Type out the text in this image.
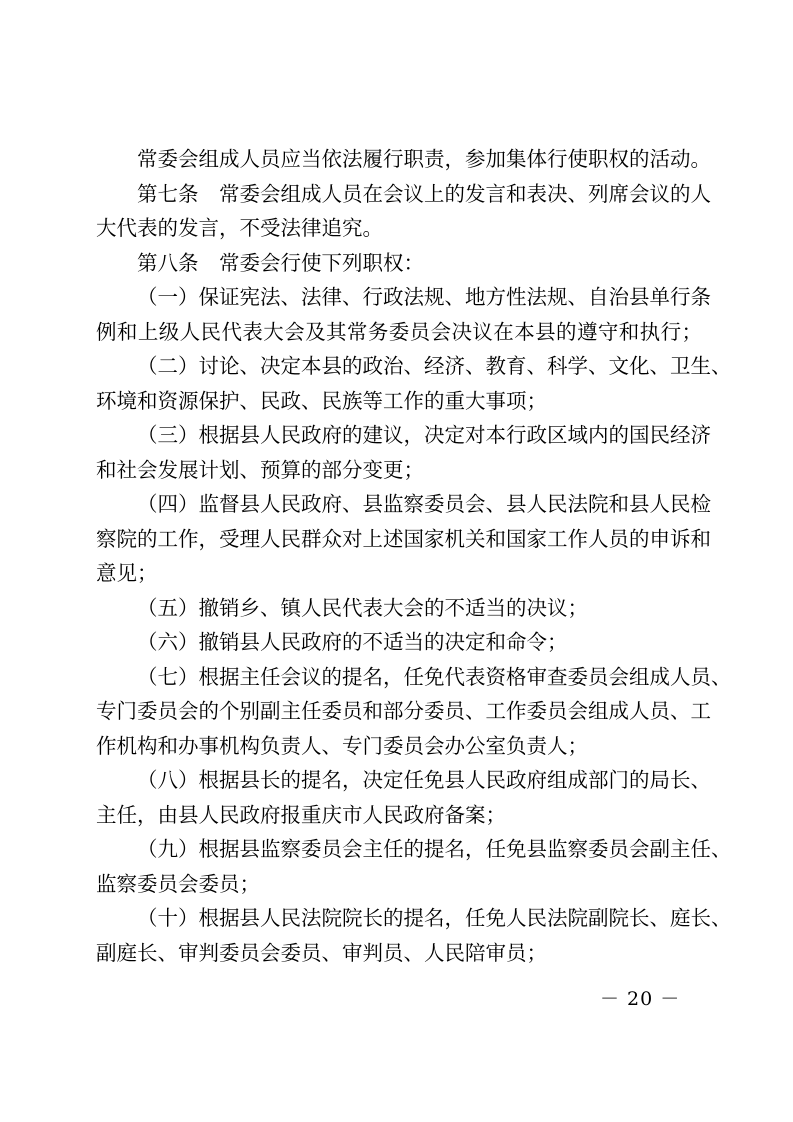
常委会组成人员应当依法履行职责，参加集体行使职权的活动。
第七条　常委会组成人员在会议上的发言和表决、列席会议的人
大代表的发言，不受法律追究。
第八条　常委会行使下列职权：
（一）保证宪法、法律、行政法规、地方性法规、自治县单行条
例和上级人民代表大会及其常务委员会决议在本县的遵守和执行；
（二）讨论、决定本县的政治、经济、教育、科学、文化、卫生、
环境和资源保护、民政、民族等工作的重大事项；
（三）根据县人民政府的建议，决定对本行政区域内的国民经济
和社会发展计划、预算的部分变更；
（四）监督县人民政府、县监察委员会、县人民法院和县人民检
察院的工作，受理人民群众对上述国家机关和国家工作人员的申诉和
意见；
（五）撤销乡、镇人民代表大会的不适当的决议；
（六）撤销县人民政府的不适当的决定和命令；
（七）根据主任会议的提名，任免代表资格审查委员会组成人员、
专门委员会的个别副主任委员和部分委员、工作委员会组成人员、工
作机构和办事机构负责人、专门委员会办公室负责人；
（八）根据县长的提名，决定任免县人民政府组成部门的局长、
主任，由县人民政府报重庆市人民政府备案；
（九）根据县监察委员会主任的提名，任免县监察委员会副主任、
监察委员会委员；
（十）根据县人民法院院长的提名，任免人民法院副院长、庭长、
副庭长、审判委员会委员、审判员、人民陪审员；
－ 20 －
